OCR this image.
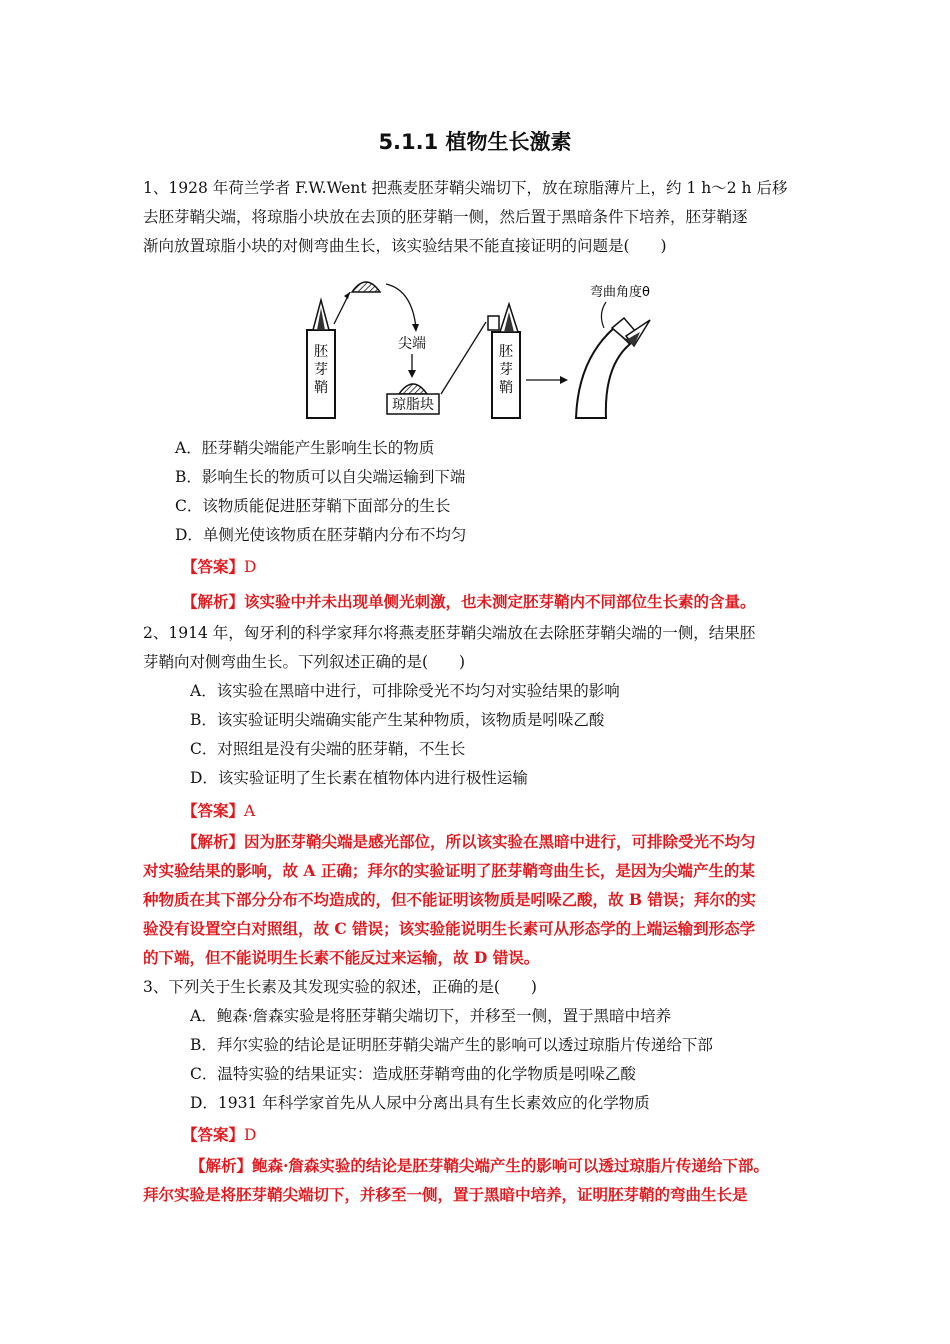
5.1.1 植物生长激素
1、1928 年荷兰学者 F.W.Went 把燕麦胚芽鞘尖端切下，放在琼脂薄片上，约 1 h～2 h 后移
去胚芽鞘尖端，将琼脂小块放在去顶的胚芽鞘一侧，然后置于黑暗条件下培养，胚芽鞘逐
渐向放置琼脂小块的对侧弯曲生长，该实验结果不能直接证明的问题是(　　)
胚
芽
鞘
尖端
琼脂块
胚
芽
鞘
弯曲角度θ
A．胚芽鞘尖端能产生影响生长的物质
B．影响生长的物质可以自尖端运输到下端
C．该物质能促进胚芽鞘下面部分的生长
D．单侧光使该物质在胚芽鞘内分布不均匀
【答案】D
【解析】该实验中并未出现单侧光刺激，也未测定胚芽鞘内不同部位生长素的含量。
2、1914 年，匈牙利的科学家拜尔将燕麦胚芽鞘尖端放在去除胚芽鞘尖端的一侧，结果胚
芽鞘向对侧弯曲生长。下列叙述正确的是(　　)
A．该实验在黑暗中进行，可排除受光不均匀对实验结果的影响
B．该实验证明尖端确实能产生某种物质，该物质是吲哚乙酸
C．对照组是没有尖端的胚芽鞘，不生长
D．该实验证明了生长素在植物体内进行极性运输
【答案】A
【解析】因为胚芽鞘尖端是感光部位，所以该实验在黑暗中进行，可排除受光不均匀
对实验结果的影响，故 A 正确；拜尔的实验证明了胚芽鞘弯曲生长，是因为尖端产生的某
种物质在其下部分分布不均造成的，但不能证明该物质是吲哚乙酸，故 B 错误；拜尔的实
验没有设置空白对照组，故 C 错误；该实验能说明生长素可从形态学的上端运输到形态学
的下端，但不能说明生长素不能反过来运输，故 D 错误。
3、下列关于生长素及其发现实验的叙述，正确的是(　　)
A．鲍森·詹森实验是将胚芽鞘尖端切下，并移至一侧，置于黑暗中培养
B．拜尔实验的结论是证明胚芽鞘尖端产生的影响可以透过琼脂片传递给下部
C．温特实验的结果证实：造成胚芽鞘弯曲的化学物质是吲哚乙酸
D．1931 年科学家首先从人尿中分离出具有生长素效应的化学物质
【答案】D
【解析】鲍森·詹森实验的结论是胚芽鞘尖端产生的影响可以透过琼脂片传递给下部。
拜尔实验是将胚芽鞘尖端切下，并移至一侧，置于黑暗中培养，证明胚芽鞘的弯曲生长是
